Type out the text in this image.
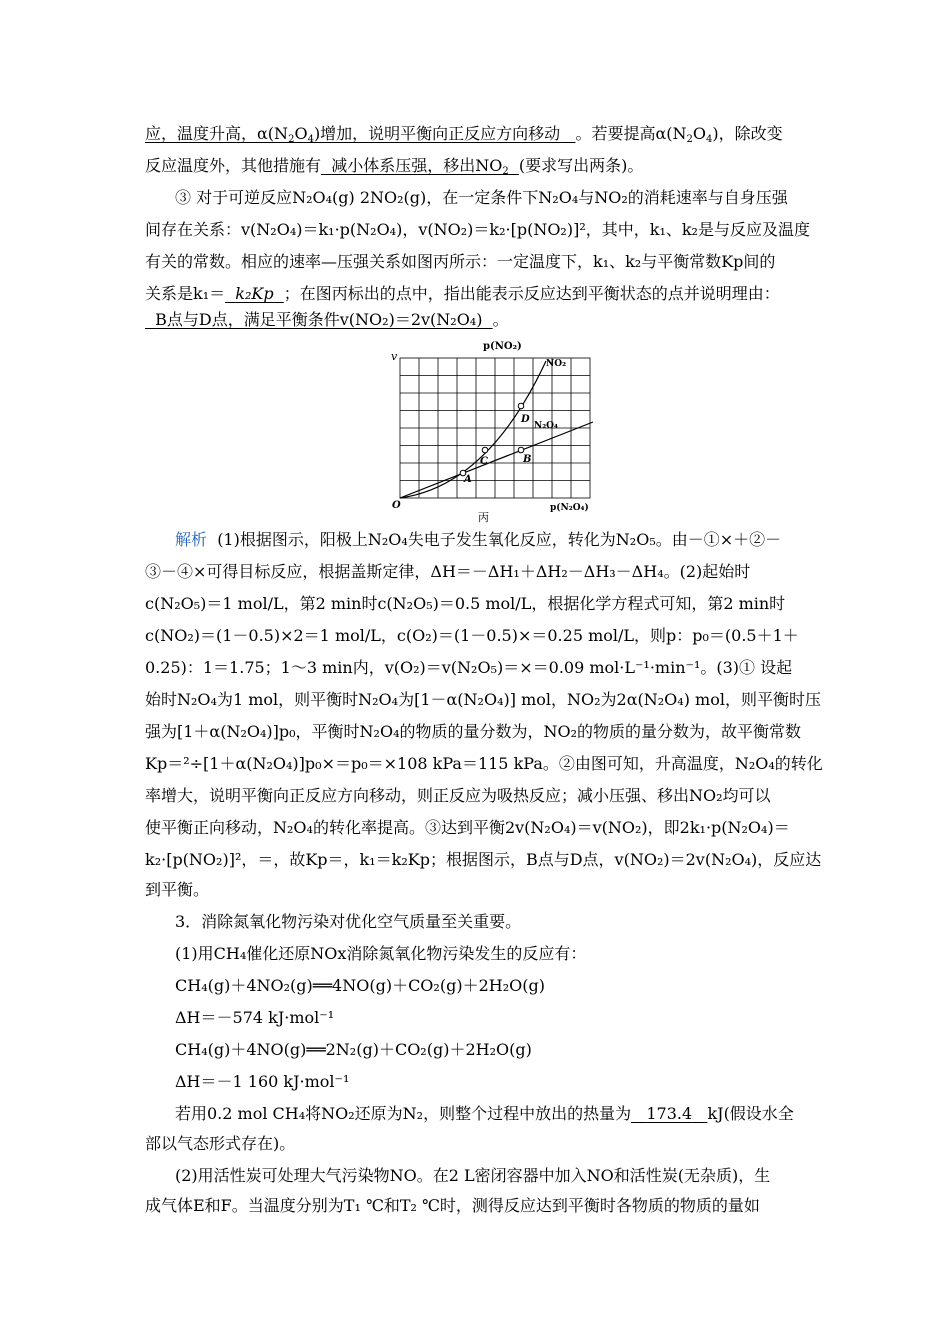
应，温度升高，$\alpha(N_2O_4)$增加，说明平衡向正反应方向移动 。若要提高$\alpha(N_2O_4)$，除改变
反应温度外，其他措施有 减小体系压强，移出$NO_2$ (要求写出两条)。
③ 对于可逆反应N₂O₄(g) 2NO₂(g)，在一定条件下N₂O₄与NO₂的消耗速率与自身压强
间存在关系：v(N₂O₄)＝k₁·p(N₂O₄)，v(NO₂)＝k₂·[p(NO₂)]²，其中，k₁、k₂是与反应及温度
有关的常数。相应的速率—压强关系如图丙所示：一定温度下，k₁、k₂与平衡常数Kp间的
关系是k₁＝ k₂Kp ；在图丙标出的点中，指出能表示反应达到平衡状态的点并说明理由：
B点与D点，满足平衡条件v(NO₂)＝2v(N₂O₄) 。
v
p(NO₂)
NO₂
N₂O₄
O	p(N₂O₄)
丙
A
B
C
D
解析 (1)根据图示，阳极上N₂O₄失电子发生氧化反应，转化为N₂O₅。由－①×＋②－
③－④×可得目标反应，根据盖斯定律，ΔH＝－ΔH₁＋ΔH₂－ΔH₃－ΔH₄。(2)起始时
c(N₂O₅)＝1 mol/L，第2 min时c(N₂O₅)＝0.5 mol/L，根据化学方程式可知，第2 min时
c(NO₂)＝(1－0.5)×2＝1 mol/L，c(O₂)＝(1－0.5)×＝0.25 mol/L，则p：p₀＝(0.5＋1＋
0.25)：1＝1.75；1～3 min内，v(O₂)＝v(N₂O₅)＝×＝0.09 mol·L⁻¹·min⁻¹。(3)① 设起
始时N₂O₄为1 mol，则平衡时N₂O₄为[1－α(N₂O₄)] mol，NO₂为2α(N₂O₄) mol，则平衡时压
强为[1＋α(N₂O₄)]p₀，平衡时N₂O₄的物质的量分数为，NO₂的物质的量分数为，故平衡常数
Kp＝²÷[1＋α(N₂O₄)]p₀×＝p₀＝×108 kPa＝115 kPa。②由图可知，升高温度，N₂O₄的转化
率增大，说明平衡向正反应方向移动，则正反应为吸热反应；减小压强、移出NO₂均可以
使平衡正向移动，N₂O₄的转化率提高。③达到平衡2v(N₂O₄)＝v(NO₂)，即2k₁·p(N₂O₄)＝
k₂·[p(NO₂)]²，＝，故Kp＝，k₁＝k₂Kp；根据图示，B点与D点，v(NO₂)＝2v(N₂O₄)，反应达
到平衡。
3．消除氮氧化物污染对优化空气质量至关重要。
(1)用CH₄催化还原NOx消除氮氧化物污染发生的反应有：
CH₄(g)＋4NO₂(g)══4NO(g)＋CO₂(g)＋2H₂O(g)
ΔH＝－574 kJ·mol⁻¹
CH₄(g)＋4NO(g)══2N₂(g)＋CO₂(g)＋2H₂O(g)
ΔH＝－1 160 kJ·mol⁻¹
若用0.2 mol CH₄将NO₂还原为N₂，则整个过程中放出的热量为 173.4 kJ(假设水全
部以气态形式存在)。
(2)用活性炭可处理大气污染物NO。在2 L密闭容器中加入NO和活性炭(无杂质)，生
成气体E和F。当温度分别为T₁ ℃和T₂ ℃时，测得反应达到平衡时各物质的物质的量如
